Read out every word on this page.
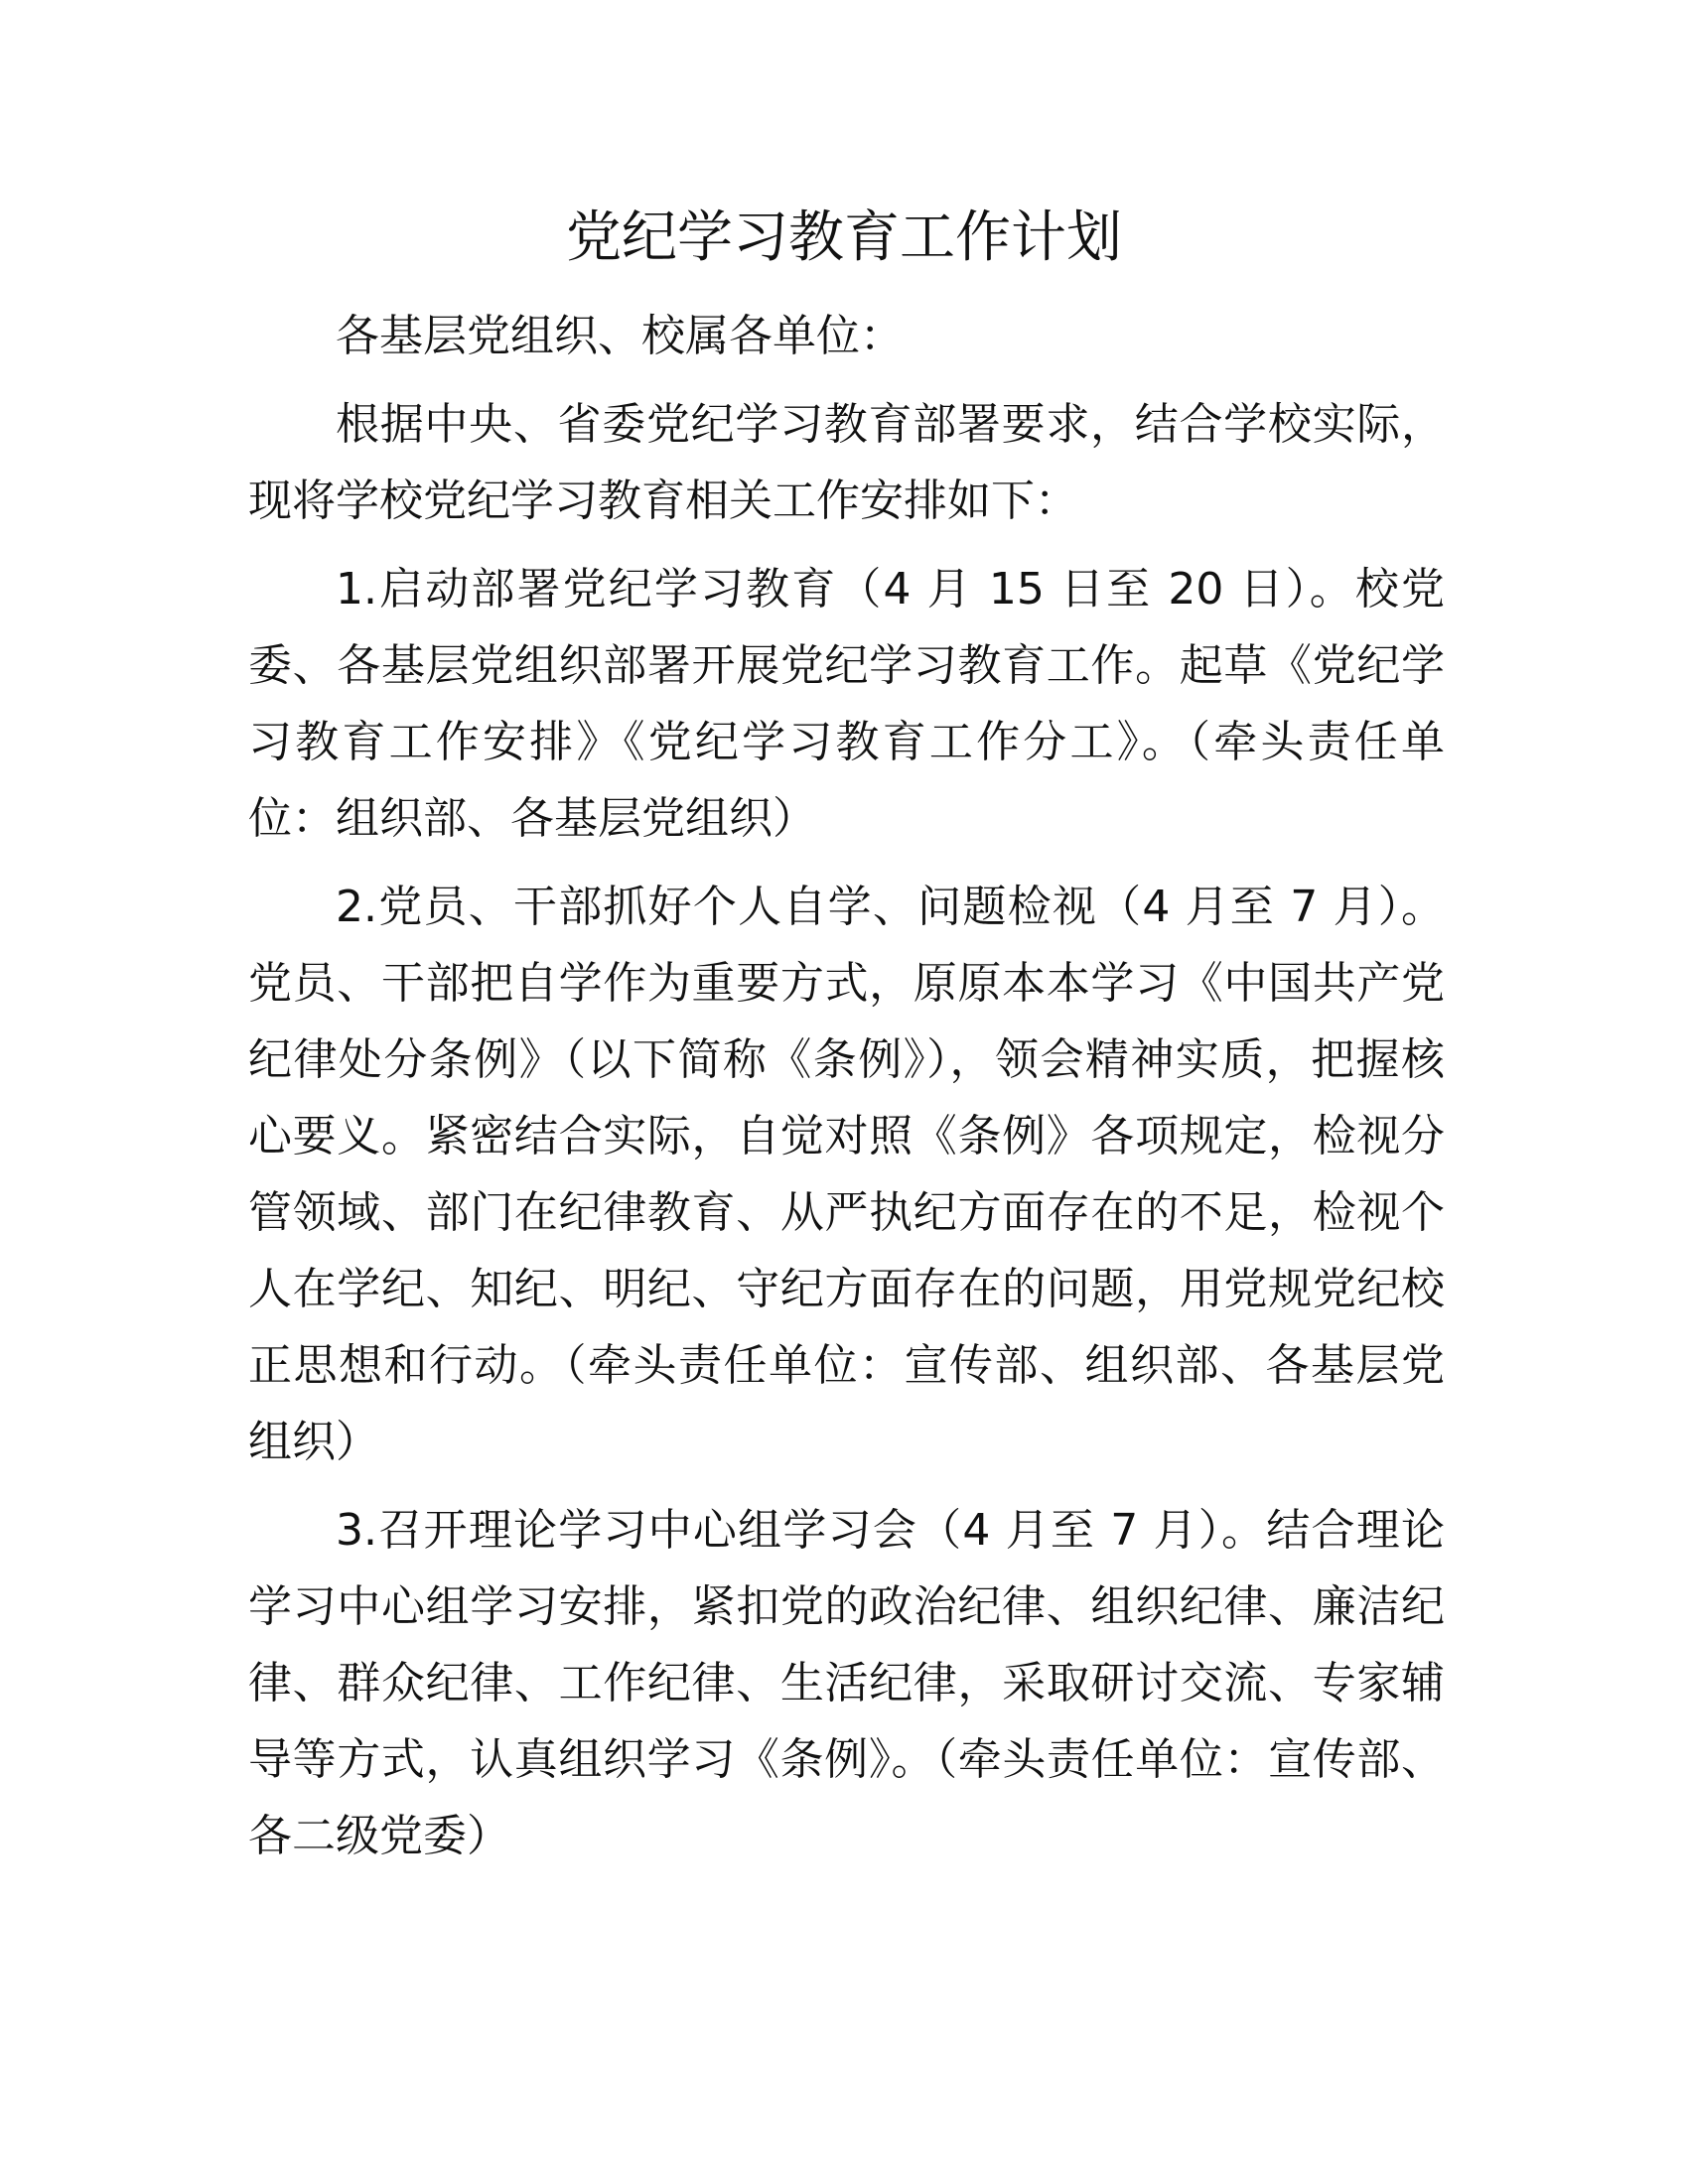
党纪学习教育工作计划

各基层党组织、校属各单位：

根据中央、省委党纪学习教育部署要求，结合学校实际，现将学校党纪学习教育相关工作安排如下：

1.启动部署党纪学习教育（4 月 15 日至 20 日）。校党委、各基层党组织部署开展党纪学习教育工作。起草《党纪学习教育工作安排》《党纪学习教育工作分工》。（牵头责任单位：组织部、各基层党组织）

2.党员、干部抓好个人自学、问题检视（4 月至 7 月）。党员、干部把自学作为重要方式，原原本本学习《中国共产党纪律处分条例》（以下简称《条例》），领会精神实质，把握核心要义。紧密结合实际，自觉对照《条例》各项规定，检视分管领域、部门在纪律教育、从严执纪方面存在的不足，检视个人在学纪、知纪、明纪、守纪方面存在的问题，用党规党纪校正思想和行动。（牵头责任单位：宣传部、组织部、各基层党组织）

3.召开理论学习中心组学习会（4 月至 7 月）。结合理论学习中心组学习安排，紧扣党的政治纪律、组织纪律、廉洁纪律、群众纪律、工作纪律、生活纪律，采取研讨交流、专家辅导等方式，认真组织学习《条例》。（牵头责任单位：宣传部、各二级党委）
